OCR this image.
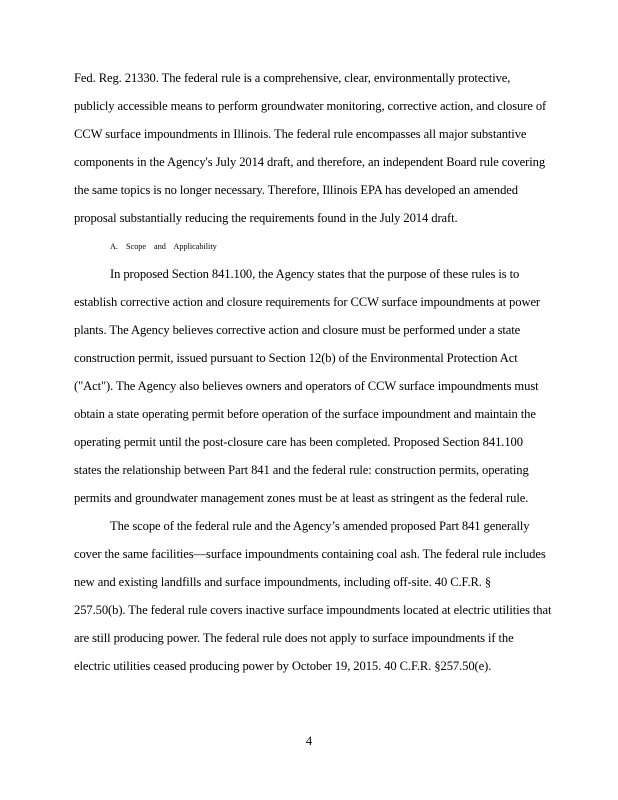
Fed. Reg. 21330. The federal rule is a comprehensive, clear, environmentally protective,
publicly accessible means to perform groundwater monitoring, corrective action, and closure of
CCW surface impoundments in Illinois. The federal rule encompasses all major substantive
components in the Agency's July 2014 draft, and therefore, an independent Board rule covering
the same topics is no longer necessary. Therefore, Illinois EPA has developed an amended
proposal substantially reducing the requirements found in the July 2014 draft.
A. Scope and Applicability
In proposed Section 841.100, the Agency states that the purpose of these rules is to
establish corrective action and closure requirements for CCW surface impoundments at power
plants. The Agency believes corrective action and closure must be performed under a state
construction permit, issued pursuant to Section 12(b) of the Environmental Protection Act
("Act"). The Agency also believes owners and operators of CCW surface impoundments must
obtain a state operating permit before operation of the surface impoundment and maintain the
operating permit until the post-closure care has been completed. Proposed Section 841.100
states the relationship between Part 841 and the federal rule: construction permits, operating
permits and groundwater management zones must be at least as stringent as the federal rule.
The scope of the federal rule and the Agency’s amended proposed Part 841 generally
cover the same facilities—surface impoundments containing coal ash. The federal rule includes
new and existing landfills and surface impoundments, including off-site. 40 C.F.R. §
257.50(b). The federal rule covers inactive surface impoundments located at electric utilities that
are still producing power. The federal rule does not apply to surface impoundments if the
electric utilities ceased producing power by October 19, 2015. 40 C.F.R. §257.50(e).
4
